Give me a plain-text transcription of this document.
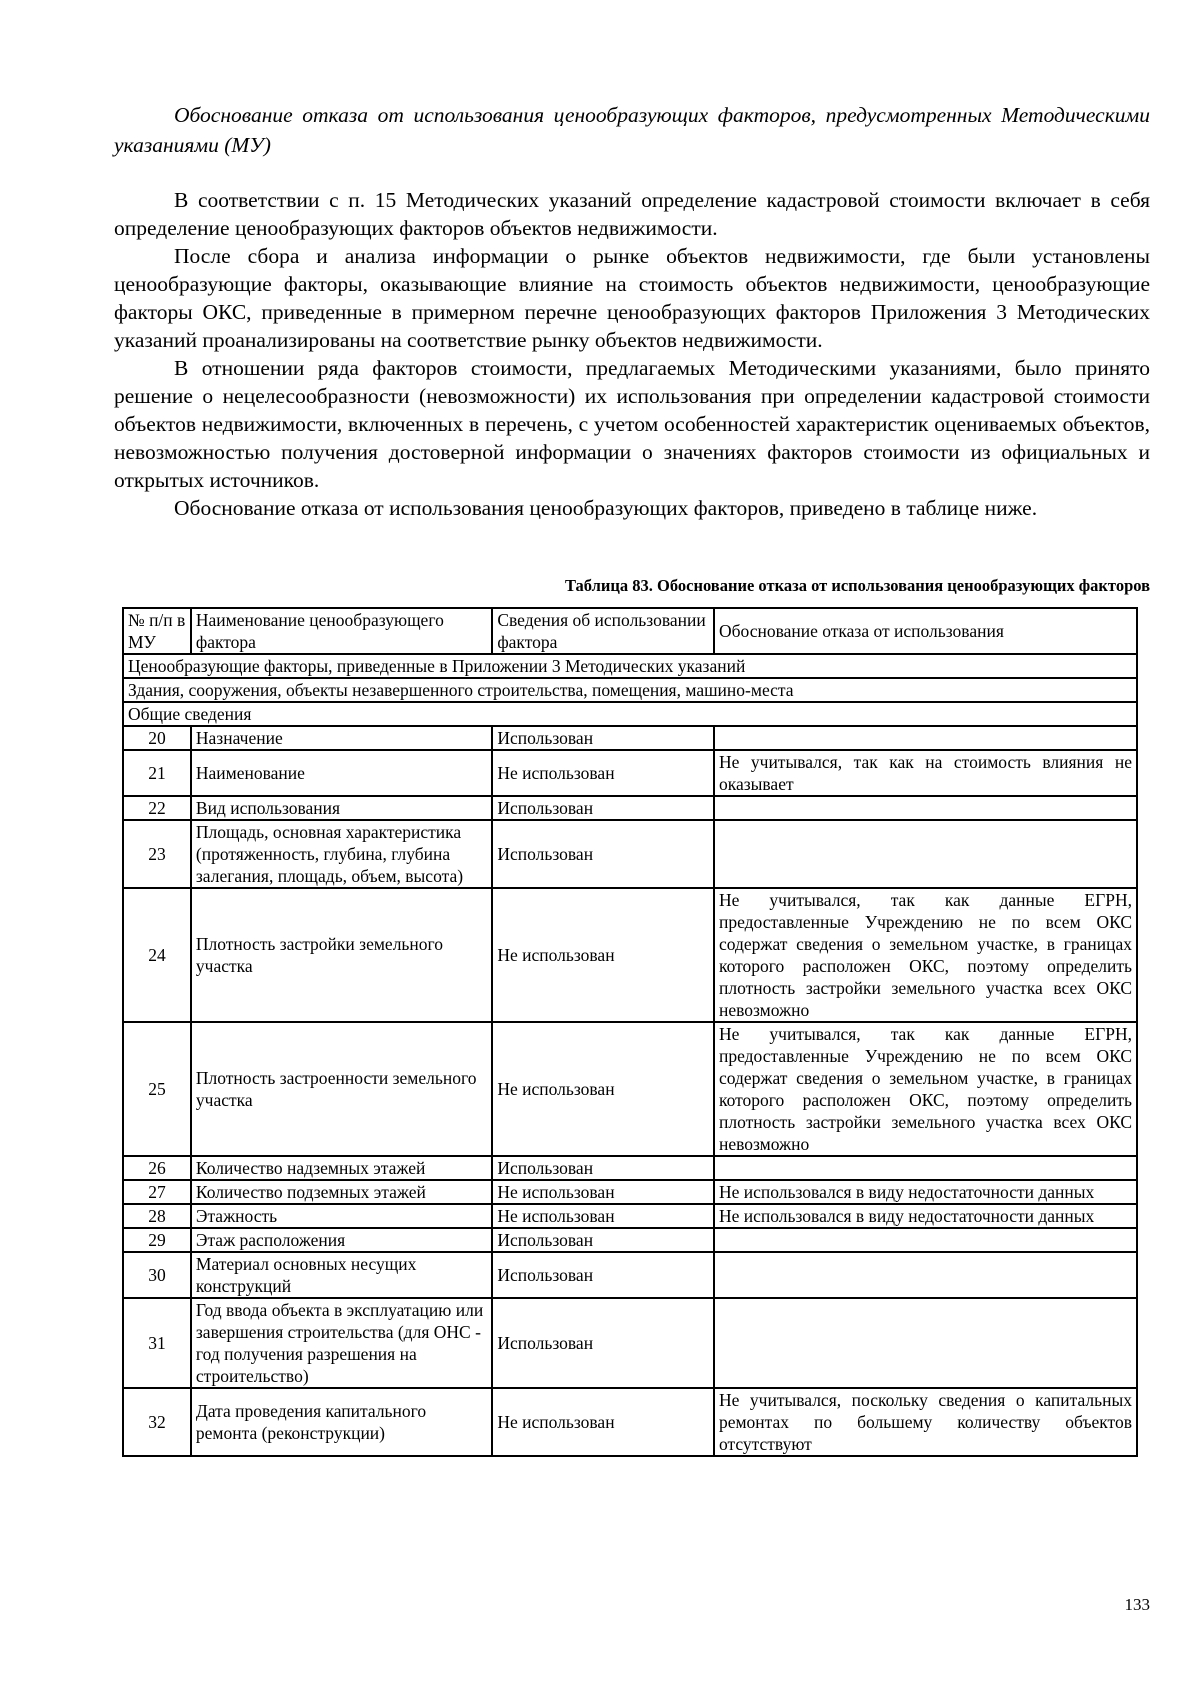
Обоснование отказа от использования ценообразующих факторов, предусмотренных Методическими указаниями (МУ)

В соответствии с п. 15 Методических указаний определение кадастровой стоимости включает в себя определение ценообразующих факторов объектов недвижимости.

После сбора и анализа информации о рынке объектов недвижимости, где были установлены ценообразующие факторы, оказывающие влияние на стоимость объектов недвижимости, ценообразующие факторы ОКС, приведенные в примерном перечне ценообразующих факторов Приложения 3 Методических указаний проанализированы на соответствие рынку объектов недвижимости.

В отношении ряда факторов стоимости, предлагаемых Методическими указаниями, было принято решение о нецелесообразности (невозможности) их использования при определении кадастровой стоимости объектов недвижимости, включенных в перечень, с учетом особенностей характеристик оцениваемых объектов, невозможностью получения достоверной информации о значениях факторов стоимости из официальных и открытых источников.

Обоснование отказа от использования ценообразующих факторов, приведено в таблице ниже.

Таблица 83. Обоснование отказа от использования ценообразующих факторов
№ п/п в МУ	Наименование ценообразующего фактора	Сведения об использовании фактора	Обоснование отказа от использования
Ценообразующие факторы, приведенные в Приложении 3 Методических указаний			
Здания, сооружения, объекты незавершенного строительства, помещения, машино-места			
Общие сведения			
20	Назначение	Использован	
21	Наименование	Не использован	Не учитывался, так как на стоимость влияния не оказывает
22	Вид использования	Использован	
23	Площадь, основная характеристика (протяженность, глубина, глубина залегания, площадь, объем, высота)	Использован	
24	Плотность застройки земельного участка	Не использован	Не учитывался, так как данные ЕГРН, предоставленные Учреждению не по всем ОКС содержат сведения о земельном участке, в границах которого расположен ОКС, поэтому определить плотность застройки земельного участка всех ОКС невозможно
25	Плотность застроенности земельного участка	Не использован	Не учитывался, так как данные ЕГРН, предоставленные Учреждению не по всем ОКС содержат сведения о земельном участке, в границах которого расположен ОКС, поэтому определить плотность застройки земельного участка всех ОКС невозможно
26	Количество надземных этажей	Использован	
27	Количество подземных этажей	Не использован	Не использовался в виду недостаточности данных
28	Этажность	Не использован	Не использовался в виду недостаточности данных
29	Этаж расположения	Использован	
30	Материал основных несущих конструкций	Использован	
31	Год ввода объекта в эксплуатацию или завершения строительства (для ОНС - год получения разрешения на строительство)	Использован	
32	Дата проведения капитального ремонта (реконструкции)	Не использован	Не учитывался, поскольку сведения о капитальных ремонтах по большему количеству объектов отсутствуют
133
